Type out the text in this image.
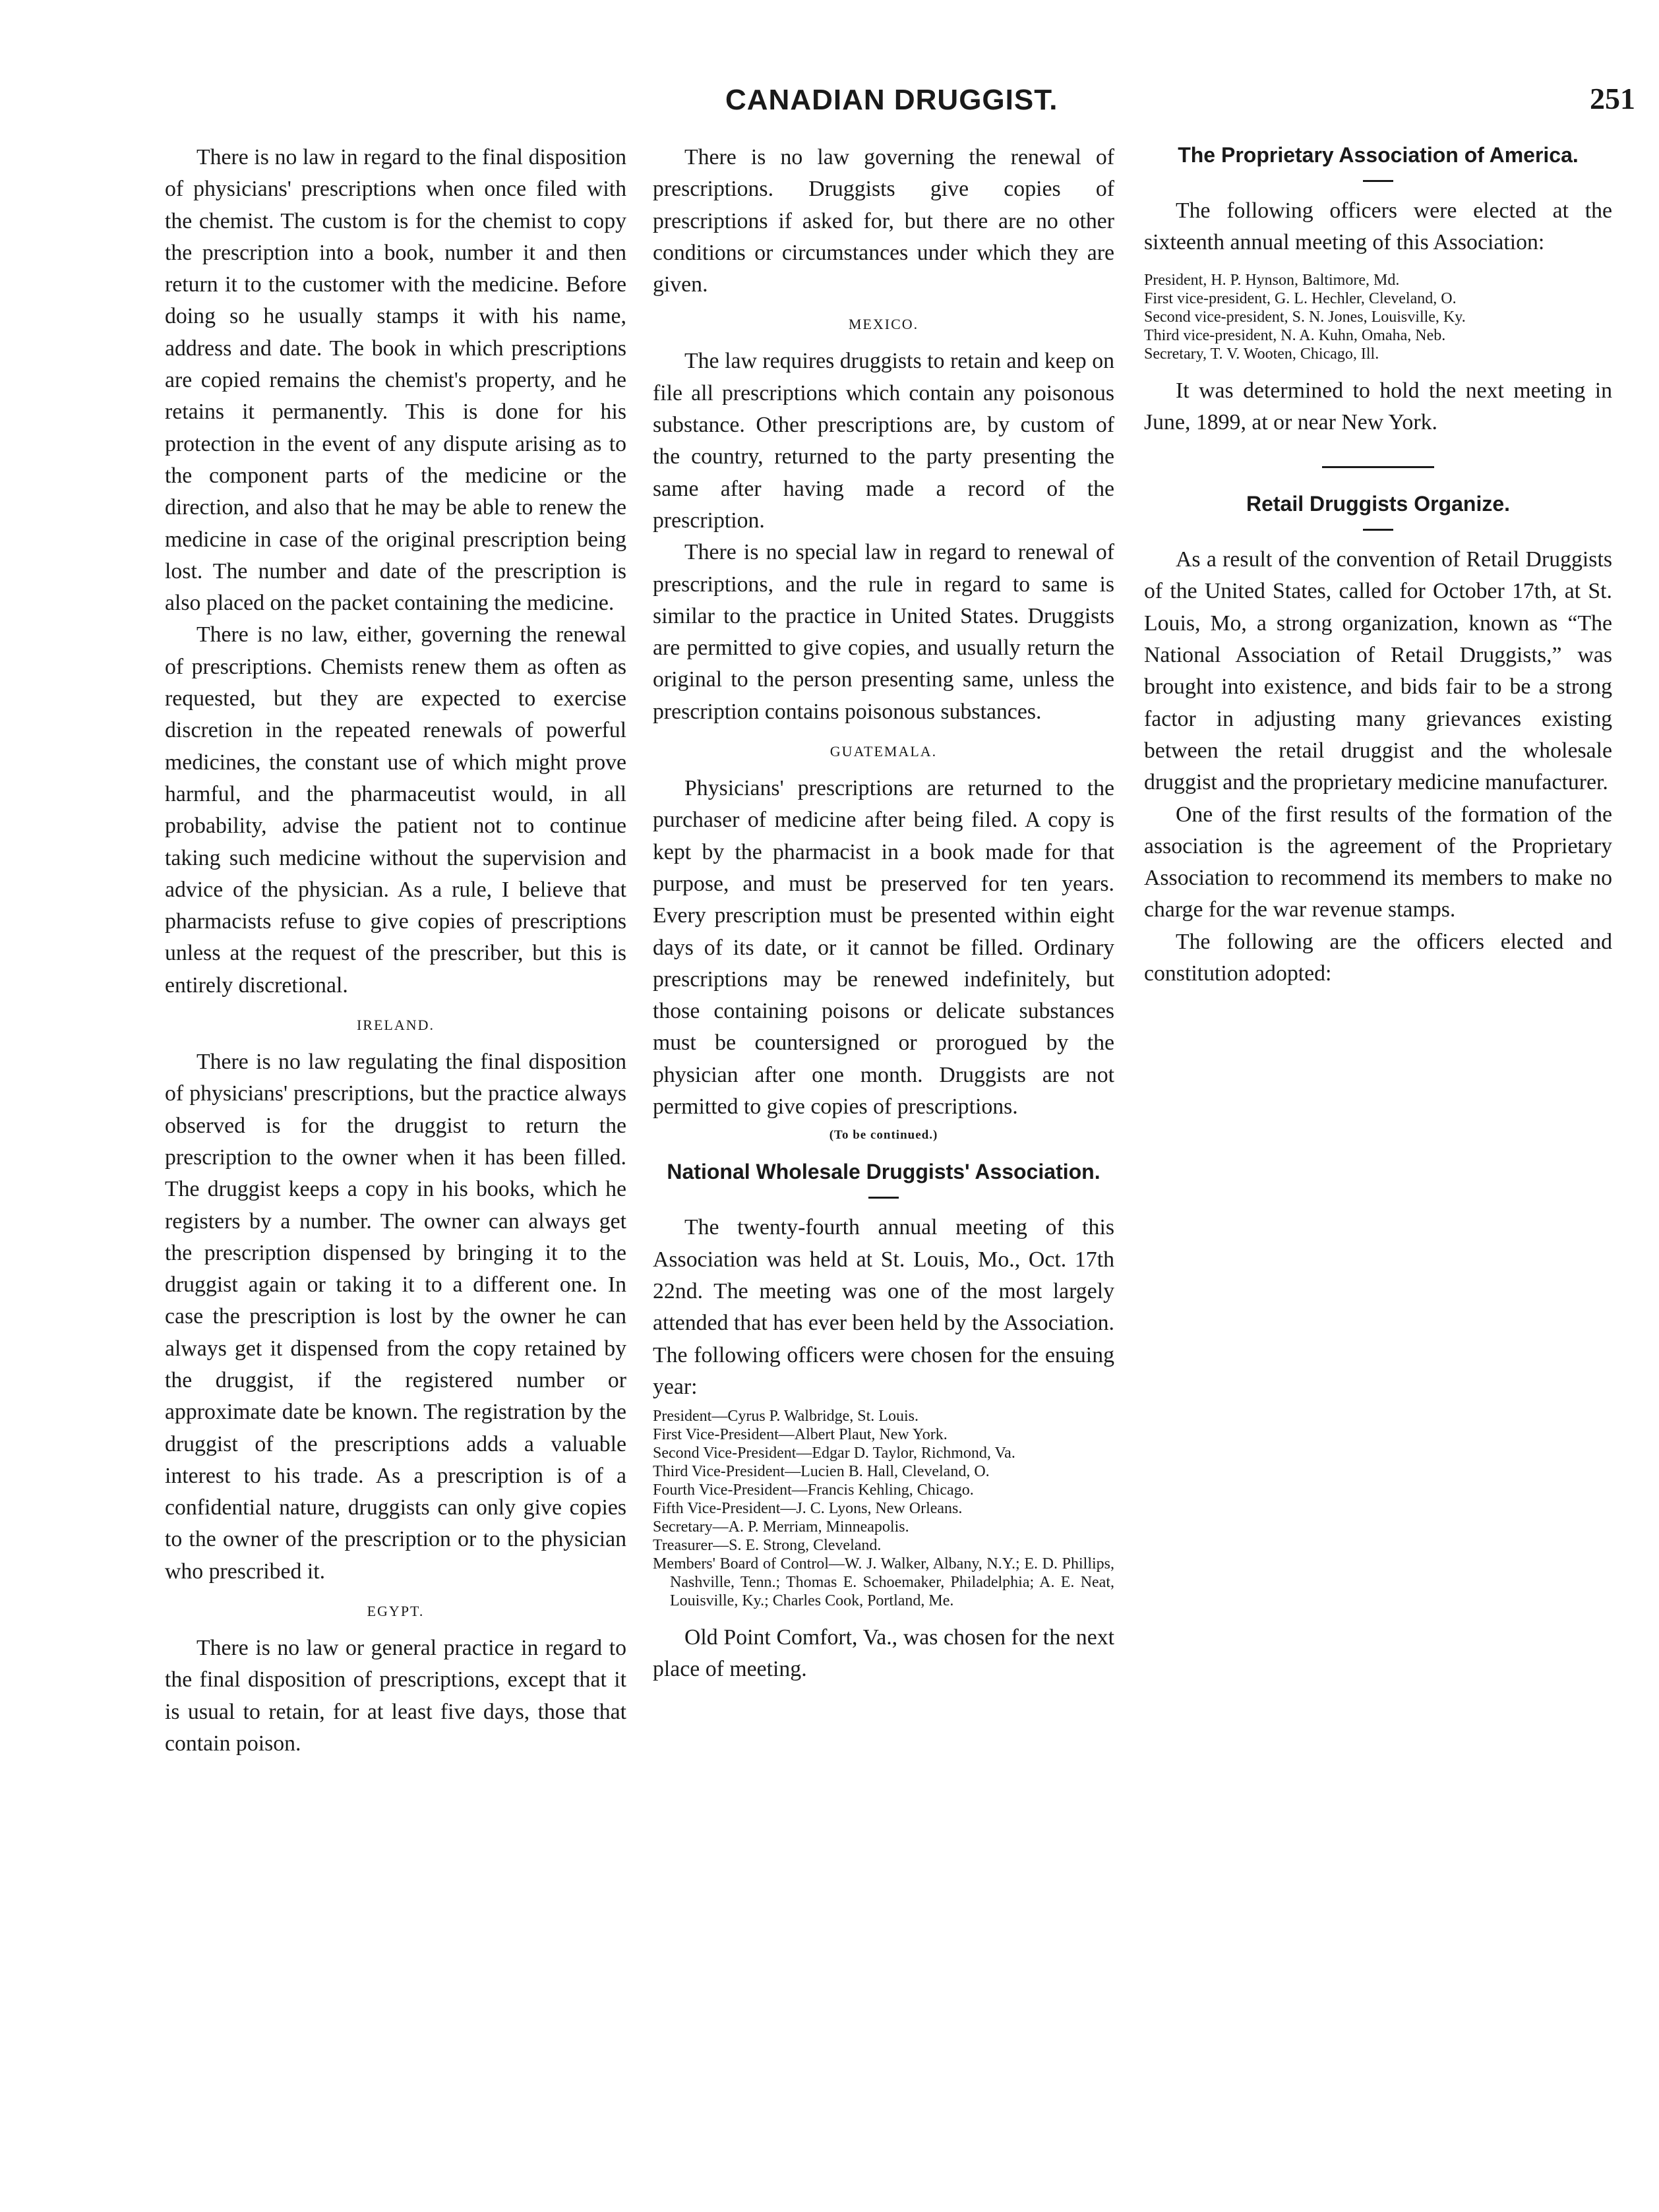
CANADIAN DRUGGIST.	251

There is no law in regard to the final disposition of physicians' prescriptions when once filed with the chemist. The custom is for the chemist to copy the prescription into a book, number it and then return it to the customer with the medicine. Before doing so he usually stamps it with his name, address and date. The book in which prescriptions are copied remains the chemist's property, and he retains it permanently. This is done for his protection in the event of any dispute arising as to the component parts of the medicine or the direction, and also that he may be able to renew the medicine in case of the original prescription being lost. The number and date of the prescription is also placed on the packet containing the medicine.

There is no law, either, governing the renewal of prescriptions. Chemists renew them as often as requested, but they are expected to exercise discretion in the repeated renewals of powerful medicines, the constant use of which might prove harmful, and the pharmaceutist would, in all probability, advise the patient not to continue taking such medicine without the supervision and advice of the physician. As a rule, I believe that pharmacists refuse to give copies of prescriptions unless at the request of the prescriber, but this is entirely discretional.

IRELAND.

There is no law regulating the final disposition of physicians' prescriptions, but the practice always observed is for the druggist to return the prescription to the owner when it has been filled. The druggist keeps a copy in his books, which he registers by a number. The owner can always get the prescription dispensed by bringing it to the druggist again or taking it to a different one. In case the prescription is lost by the owner he can always get it dispensed from the copy retained by the druggist, if the registered number or approximate date be known. The registration by the druggist of the prescriptions adds a valuable interest to his trade. As a prescription is of a confidential nature, druggists can only give copies to the owner of the prescription or to the physician who prescribed it.

EGYPT.

There is no law or general practice in regard to the final disposition of prescriptions, except that it is usual to retain, for at least five days, those that contain poison.

There is no law governing the renewal of prescriptions. Druggists give copies of prescriptions if asked for, but there are no other conditions or circumstances under which they are given.

MEXICO.

The law requires druggists to retain and keep on file all prescriptions which contain any poisonous substance. Other prescriptions are, by custom of the country, returned to the party presenting the same after having made a record of the prescription.

There is no special law in regard to renewal of prescriptions, and the rule in regard to same is similar to the practice in United States. Druggists are permitted to give copies, and usually return the original to the person presenting same, unless the prescription contains poisonous substances.

GUATEMALA.

Physicians' prescriptions are returned to the purchaser of medicine after being filed. A copy is kept by the pharmacist in a book made for that purpose, and must be preserved for ten years. Every prescription must be presented within eight days of its date, or it cannot be filled. Ordinary prescriptions may be renewed indefinitely, but those containing poisons or delicate substances must be countersigned or prorogued by the physician after one month. Druggists are not permitted to give copies of prescriptions.

(To be continued.)
National Wholesale Druggists' Association.

The twenty-fourth annual meeting of this Association was held at St. Louis, Mo., Oct. 17th 22nd. The meeting was one of the most largely attended that has ever been held by the Association. The following officers were chosen for the ensuing year:

President—Cyrus P. Walbridge, St. Louis.

First Vice-President—Albert Plaut, New York.

Second Vice-President—Edgar D. Taylor, Richmond, Va.

Third Vice-President—Lucien B. Hall, Cleveland, O.

Fourth Vice-President—Francis Kehling, Chicago.

Fifth Vice-President—J. C. Lyons, New Orleans.

Secretary—A. P. Merriam, Minneapolis.

Treasurer—S. E. Strong, Cleveland.

Members' Board of Control—W. J. Walker, Albany, N.Y.; E. D. Phillips, Nashville, Tenn.; Thomas E. Schoemaker, Philadelphia; A. E. Neat, Louisville, Ky.; Charles Cook, Portland, Me.

Old Point Comfort, Va., was chosen for the next place of meeting.

The Proprietary Association of America.

The following officers were elected at the sixteenth annual meeting of this Association:

President, H. P. Hynson, Baltimore, Md.

First vice-president, G. L. Hechler, Cleveland, O.

Second vice-president, S. N. Jones, Louisville, Ky.

Third vice-president, N. A. Kuhn, Omaha, Neb.

Secretary, T. V. Wooten, Chicago, Ill.

It was determined to hold the next meeting in June, 1899, at or near New York.

Retail Druggists Organize.

As a result of the convention of Retail Druggists of the United States, called for October 17th, at St. Louis, Mo, a strong organization, known as “The National Association of Retail Druggists,” was brought into existence, and bids fair to be a strong factor in adjusting many grievances existing between the retail druggist and the wholesale druggist and the proprietary medicine manufacturer.

One of the first results of the formation of the association is the agreement of the Proprietary Association to recommend its members to make no charge for the war revenue stamps.

The following are the officers elected and constitution adopted:
